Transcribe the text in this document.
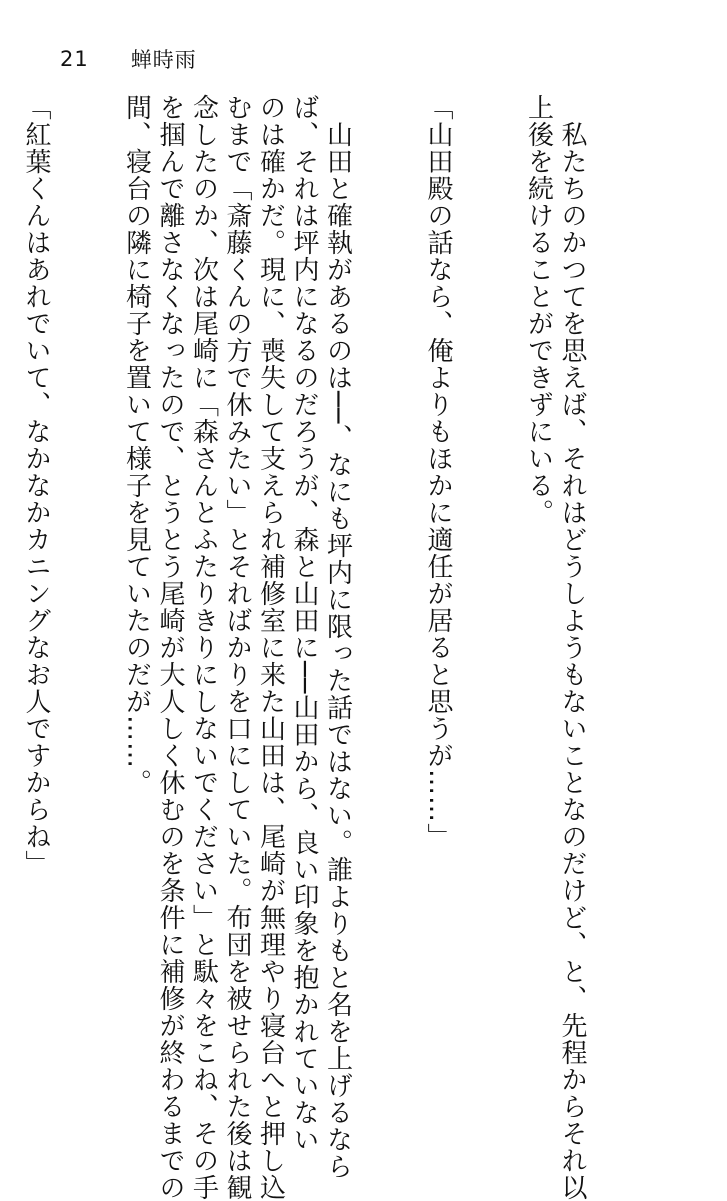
21 蝉時雨

　私たちのかつてを思えば、それはどうしようもないことなのだけど、と、先程からそれ以
上後を続けることができずにいる。

「山田殿の話なら、俺よりもほかに適任が居ると思うが……」

　山田と確執があるのは──、なにも坪内に限った話ではない。誰よりもと名を上げるなら
ば、それは坪内になるのだろうが、森と山田に──山田から、良い印象を抱かれていない
のは確かだ。現に、喪失して支えられ補修室に来た山田は、尾崎が無理やり寝台へと押し込
むまで「斎藤くんの方で休みたい」とそればかりを口にしていた。布団を被せられた後は観
念したのか、次は尾崎に「森さんとふたりきりにしないでください」と駄々をこね、その手
を掴んで離さなくなったので、とうとう尾崎が大人しく休むのを条件に補修が終わるまでの
間、寝台の隣に椅子を置いて様子を見ていたのだが……。

「紅葉くんはあれでいて、なかなかカニングなお人ですからね」
